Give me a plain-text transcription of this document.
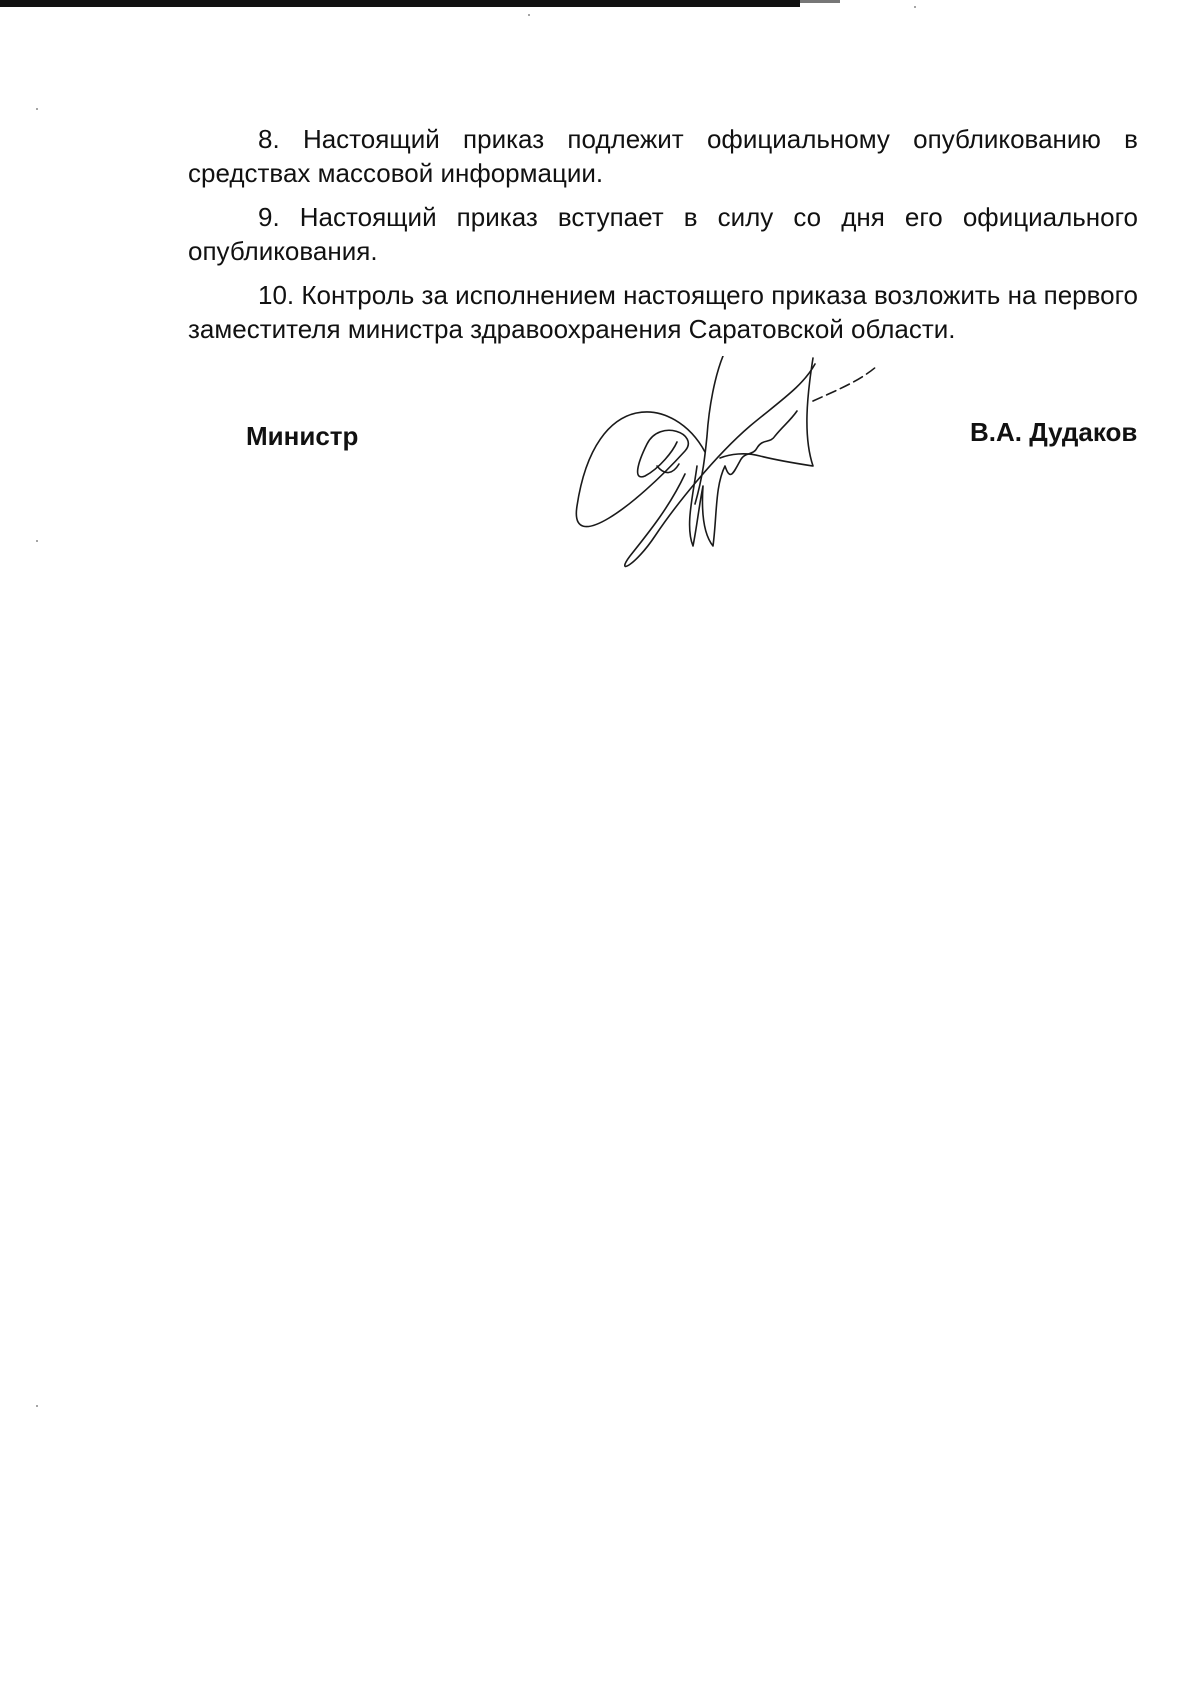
8. Настоящий приказ подлежит официальному опубликованию в средствах массовой информации.

9. Настоящий приказ вступает в силу со дня его официального опубликования.

10. Контроль за исполнением настоящего приказа возложить на первого заместителя министра здравоохранения Саратовской области.

Министр	В.А. Дудаков
